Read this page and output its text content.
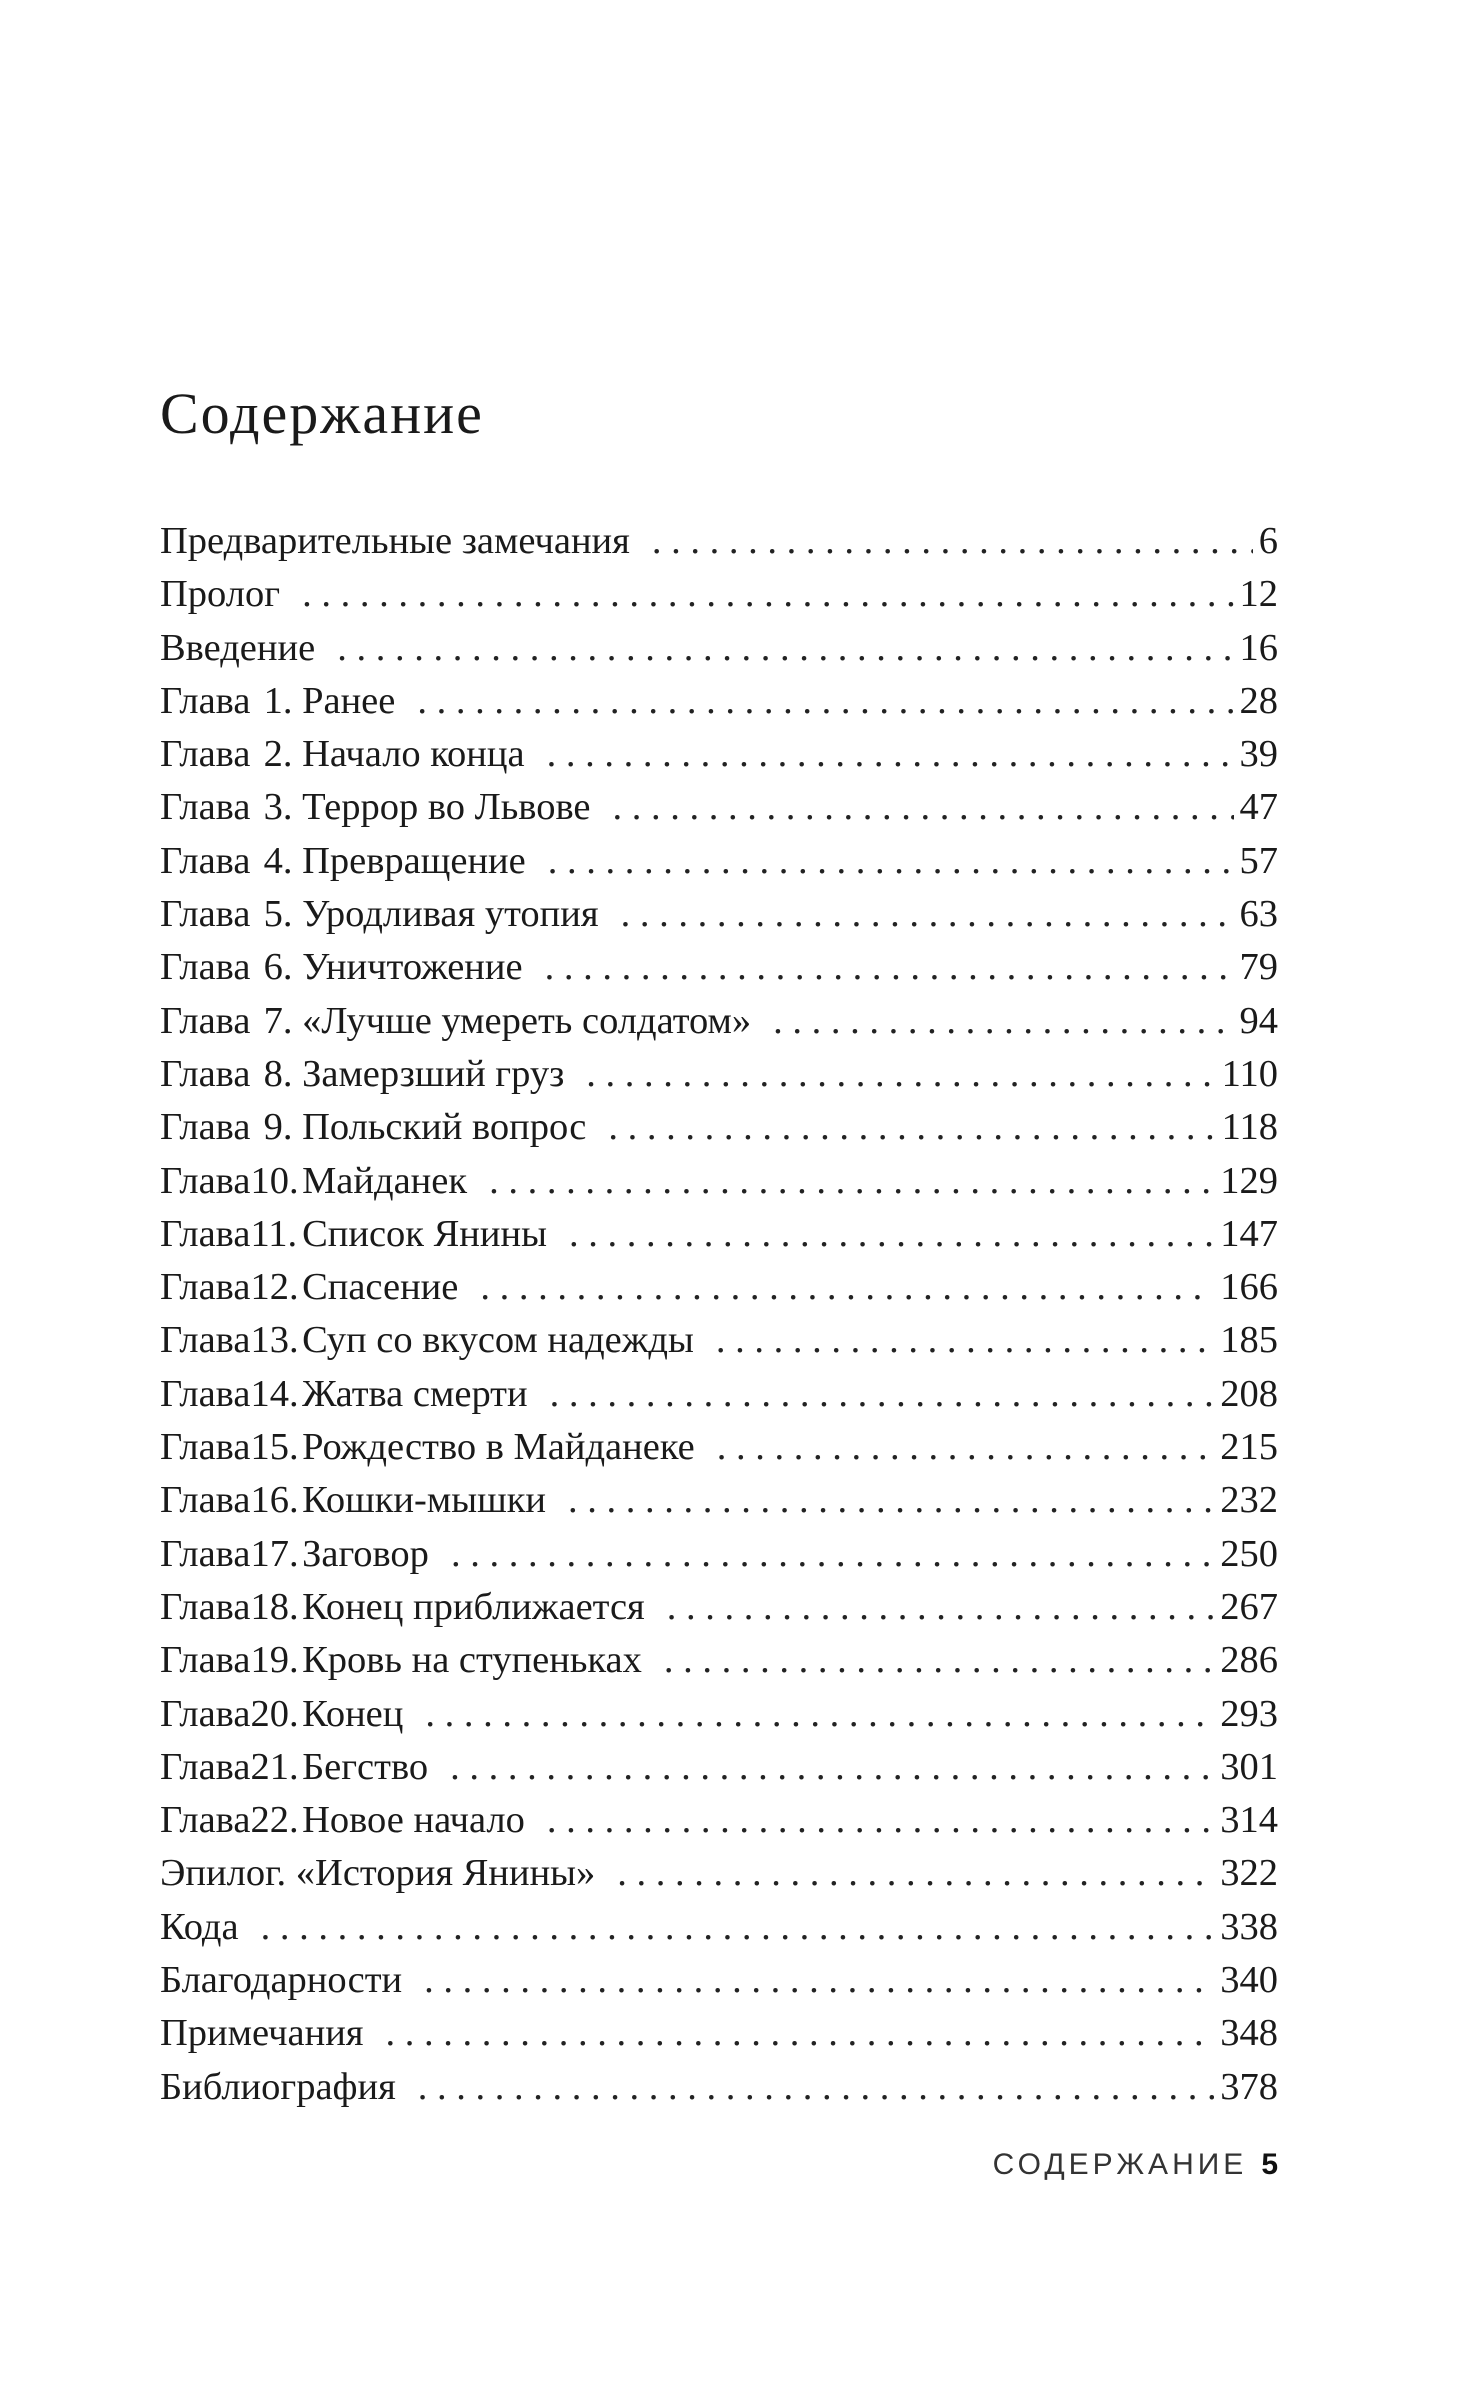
Содержание
Предварительные замечания . . .	6
Пролог . . .	12
Введение . . .	16
Глава 1. Ранее . . .	28
Глава 2. Начало конца . . .	39
Глава 3. Террор во Львове . . .	47
Глава 4. Превращение . . .	57
Глава 5. Уродливая утопия . . .	63
Глава 6. Уничтожение . . .	79
Глава 7. «Лучше умереть солдатом» . . .	94
Глава 8. Замерзший груз . . .	110
Глава 9. Польский вопрос . . .	118
Глава10. Майданек . . .	129
Глава11. Список Янины . . .	147
Глава12. Спасение . . .	166
Глава13. Суп со вкусом надежды . . .	185
Глава14. Жатва смерти . . .	208
Глава15. Рождество в Майданеке . . .	215
Глава16. Кошки-мышки . . .	232
Глава17. Заговор . . .	250
Глава18. Конец приближается . . .	267
Глава19. Кровь на ступеньках . . .	286
Глава20. Конец . . .	293
Глава21. Бегство . . .	301
Глава22. Новое начало . . .	314
Эпилог. «История Янины» . . .	322
Кода . . .	338
Благодарности . . .	340
Примечания . . .	348
Библиография . . .	378
СОДЕРЖАНИЕ 5
